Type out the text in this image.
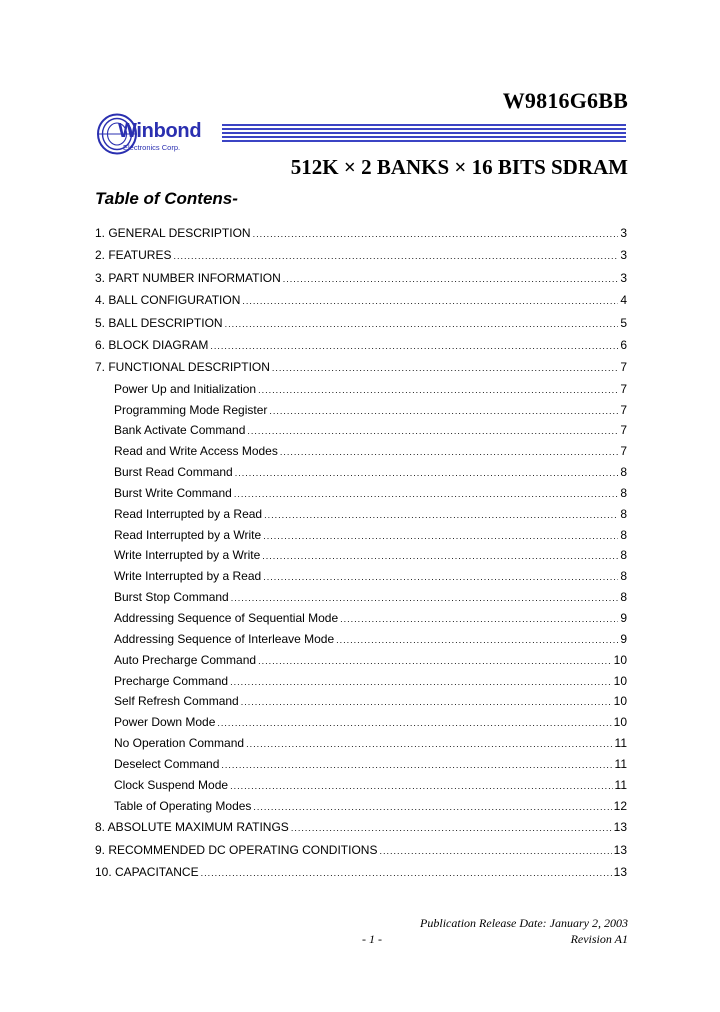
W9816G6BB
Winbond
Electronics Corp.
512K × 2 BANKS × 16 BITS SDRAM
Table of Contens-
1. GENERAL DESCRIPTION .....	3
2. FEATURES .....	3
3. PART NUMBER INFORMATION .....	3
4. BALL CONFIGURATION .....	4
5. BALL DESCRIPTION .....	5
6. BLOCK DIAGRAM .....	6
7. FUNCTIONAL DESCRIPTION .....	7
Power Up and Initialization .....	7
Programming Mode Register .....	7
Bank Activate Command .....	7
Read and Write Access Modes .....	7
Burst Read Command .....	8
Burst Write Command .....	8
Read Interrupted by a Read .....	8
Read Interrupted by a Write .....	8
Write Interrupted by a Write .....	8
Write Interrupted by a Read .....	8
Burst Stop Command .....	8
Addressing Sequence of Sequential Mode .....	9
Addressing Sequence of Interleave Mode .....	9
Auto Precharge Command .....	10
Precharge Command .....	10
Self Refresh Command .....	10
Power Down Mode .....	10
No Operation Command .....	11
Deselect Command .....	11
Clock Suspend Mode .....	11
Table of Operating Modes .....	12
8. ABSOLUTE MAXIMUM RATINGS .....	13
9. RECOMMENDED DC OPERATING CONDITIONS .....	13
10. CAPACITANCE .....	13
Publication Release Date: January 2, 2003
- 1 -	Revision A1
